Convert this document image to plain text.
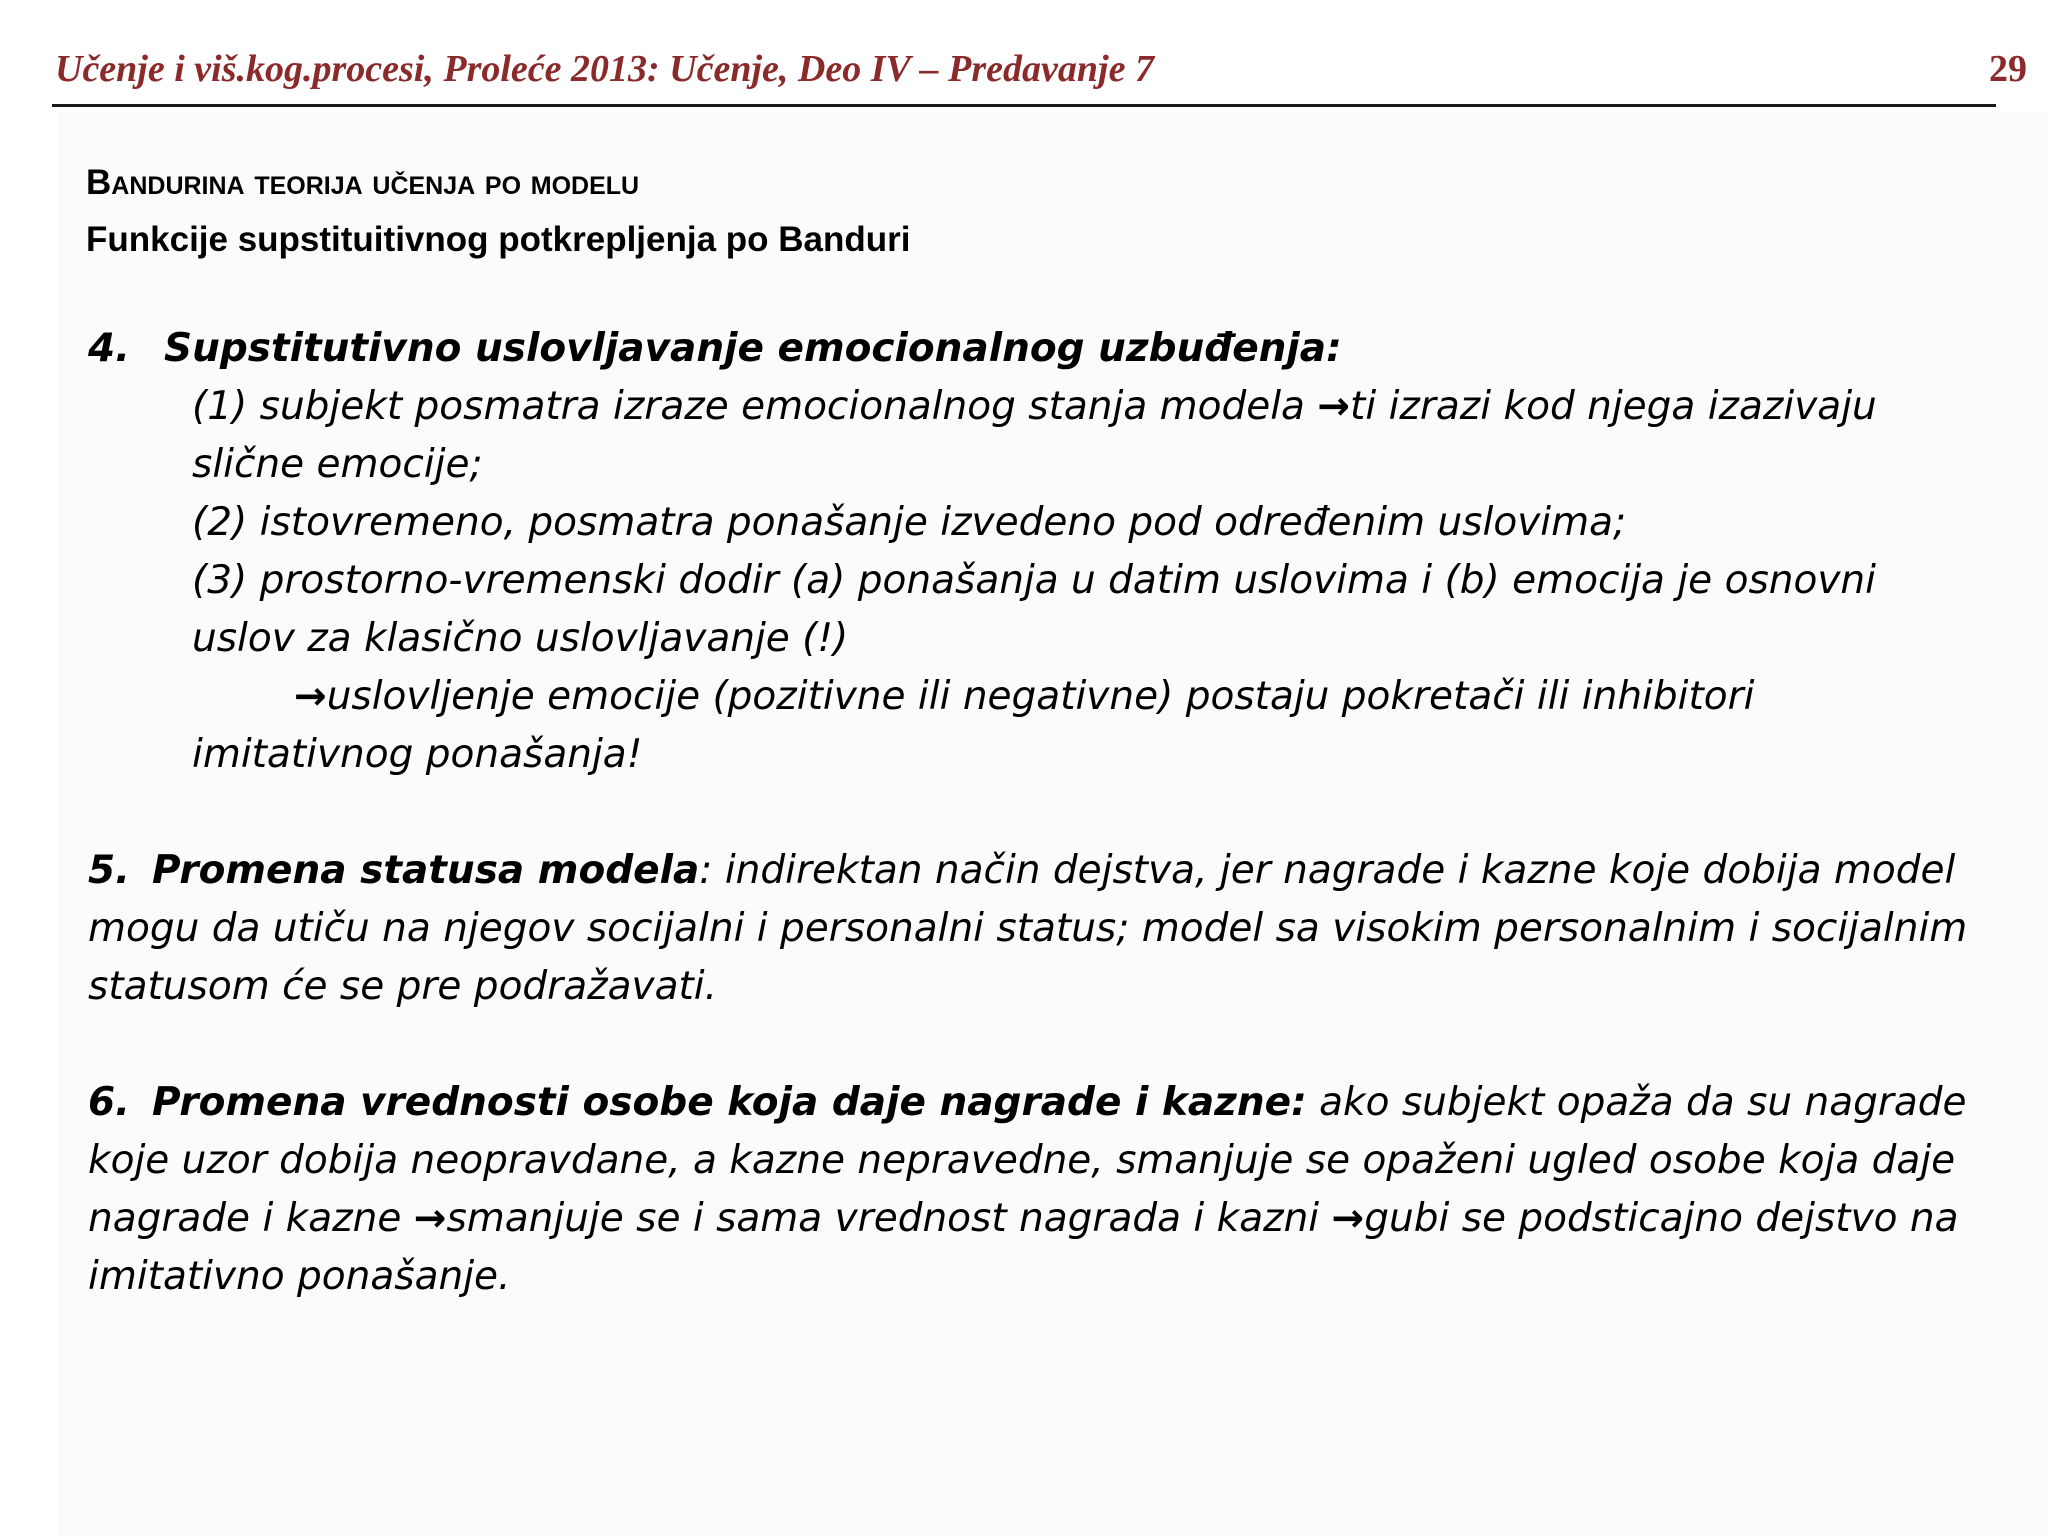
Učenje i viš.kog.procesi, Proleće 2013: Učenje, Deo IV – Predavanje 7	29
Bandurina teorija učenja po modelu
Funkcije supstituitivnog potkrepljenja po Banduri
4. Supstitutivno uslovljavanje emocionalnog uzbuđenja:

(1) subjekt posmatra izraze emocionalnog stanja modela →ti izrazi kod njega izazivaju slične emocije;

(2) istovremeno, posmatra ponašanje izvedeno pod određenim uslovima;

(3) prostorno-vremenski dodir (a) ponašanja u datim uslovima i (b) emocija je osnovni uslov za klasično uslovljavanje (!)

→uslovljenje emocije (pozitivne ili negativne) postaju pokretači ili inhibitori

imitativnog ponašanja!

5. Promena statusa modela: indirektan način dejstva, jer nagrade i kazne koje dobija model mogu da utiču na njegov socijalni i personalni status; model sa visokim personalnim i socijalnim statusom će se pre podražavati.

6. Promena vrednosti osobe koja daje nagrade i kazne: ako subjekt opaža da su nagrade koje uzor dobija neopravdane, a kazne nepravedne, smanjuje se opaženi ugled osobe koja daje nagrade i kazne →smanjuje se i sama vrednost nagrada i kazni →gubi se podsticajno dejstvo na imitativno ponašanje.
